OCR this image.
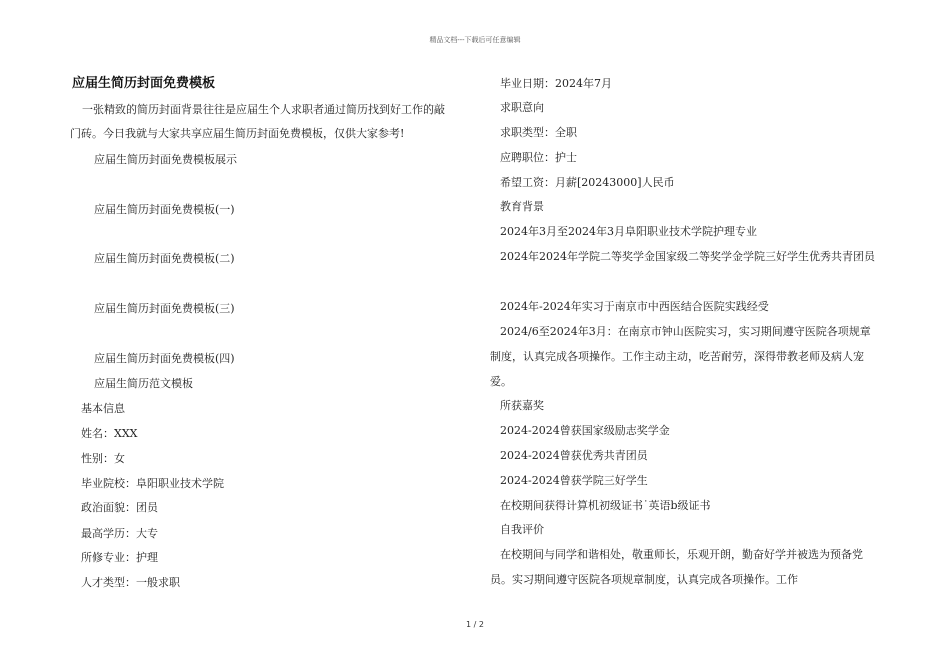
精品文档---下载后可任意编辑
应届生简历封面免费模板
一张精致的简历封面背景往往是应届生个人求职者通过简历找到好工作的敲
门砖。今日我就与大家共享应届生简历封面免费模板，仅供大家参考!
应届生简历封面免费模板展示
应届生简历封面免费模板(一)
应届生简历封面免费模板(二)
应届生简历封面免费模板(三)
应届生简历封面免费模板(四)
应届生简历范文模板
基本信息
姓名：XXX
性别：女
毕业院校：阜阳职业技术学院
政治面貌：团员
最高学历：大专
所修专业：护理
人才类型：一般求职
毕业日期：2024年7月
求职意向
求职类型：全职
应聘职位：护士
希望工资：月薪[20243000]人民币
教育背景
2024年3月至2024年3月阜阳职业技术学院护理专业
2024年2024年学院二等奖学金国家级二等奖学金学院三好学生优秀共青团员
2024年-2024年实习于南京市中西医结合医院实践经受
2024/6至2024年3月：在南京市钟山医院实习，实习期间遵守医院各项规章
制度，认真完成各项操作。工作主动主动，吃苦耐劳，深得带教老师及病人宠
爱。
所获嘉奖
2024-2024曾获国家级励志奖学金
2024-2024曾获优秀共青团员
2024-2024曾获学院三好学生
在校期间获得计算机初级证书˙英语b级证书
自我评价
在校期间与同学和谐相处，敬重师长，乐观开朗，勤奋好学并被选为预备党
员。实习期间遵守医院各项规章制度，认真完成各项操作。工作
1 / 2
